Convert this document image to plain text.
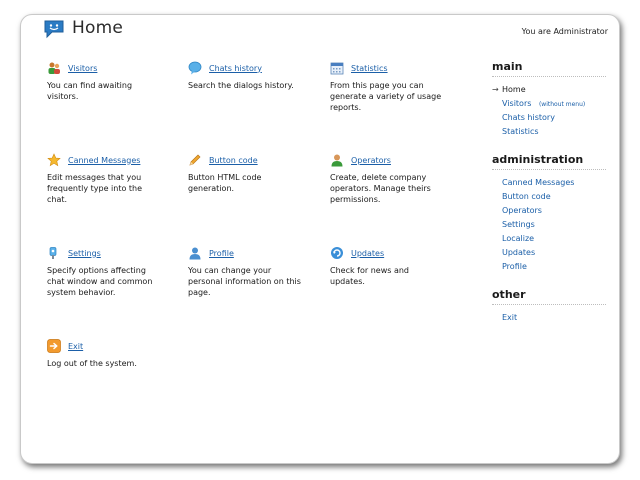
Home	You are Administrator
Visitors
You can find awaiting visitors.
Chats history
Search the dialogs history.
Statistics
From this page you can generate a variety of usage reports.
Canned Messages
Edit messages that you frequently type into the chat.
Button code
Button HTML code generation.
Operators
Create, delete company operators. Manage theirs permissions.
Settings
Specify options affecting chat window and common system behavior.
Profile
You can change your personal information on this page.
Updates
Check for news and updates.
Exit
Log out of the system.
main
→ Home
Visitors (without menu)
Chats history
Statistics
administration
Canned Messages
Button code
Operators
Settings
Localize
Updates
Profile
other
Exit
